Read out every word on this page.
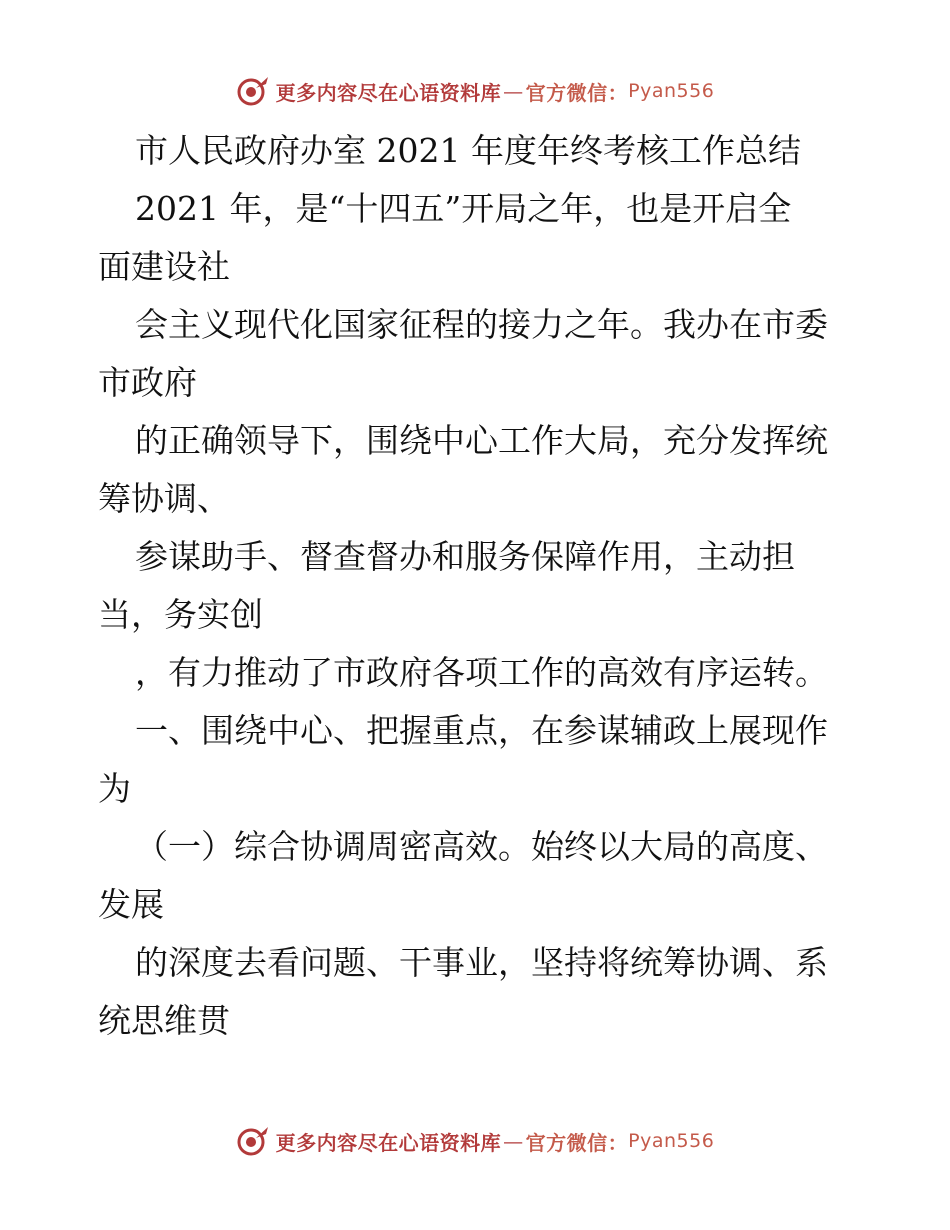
更多内容尽在心语资料库 — 官方微信： Pyan556
市人民政府办室 2021 年度年终考核工作总结
2021 年，是“十四五”开局之年，也是开启全
面建设社
会主义现代化国家征程的接力之年。我办在市委
市政府
的正确领导下，围绕中心工作大局，充分发挥统
筹协调、
参谋助手、督查督办和服务保障作用，主动担
当，务实创
，有力推动了市政府各项工作的高效有序运转。
一、围绕中心、把握重点，在参谋辅政上展现作
为
（一）综合协调周密高效。始终以大局的高度、
发展
的深度去看问题、干事业，坚持将统筹协调、系
统思维贯
更多内容尽在心语资料库 — 官方微信： Pyan556
